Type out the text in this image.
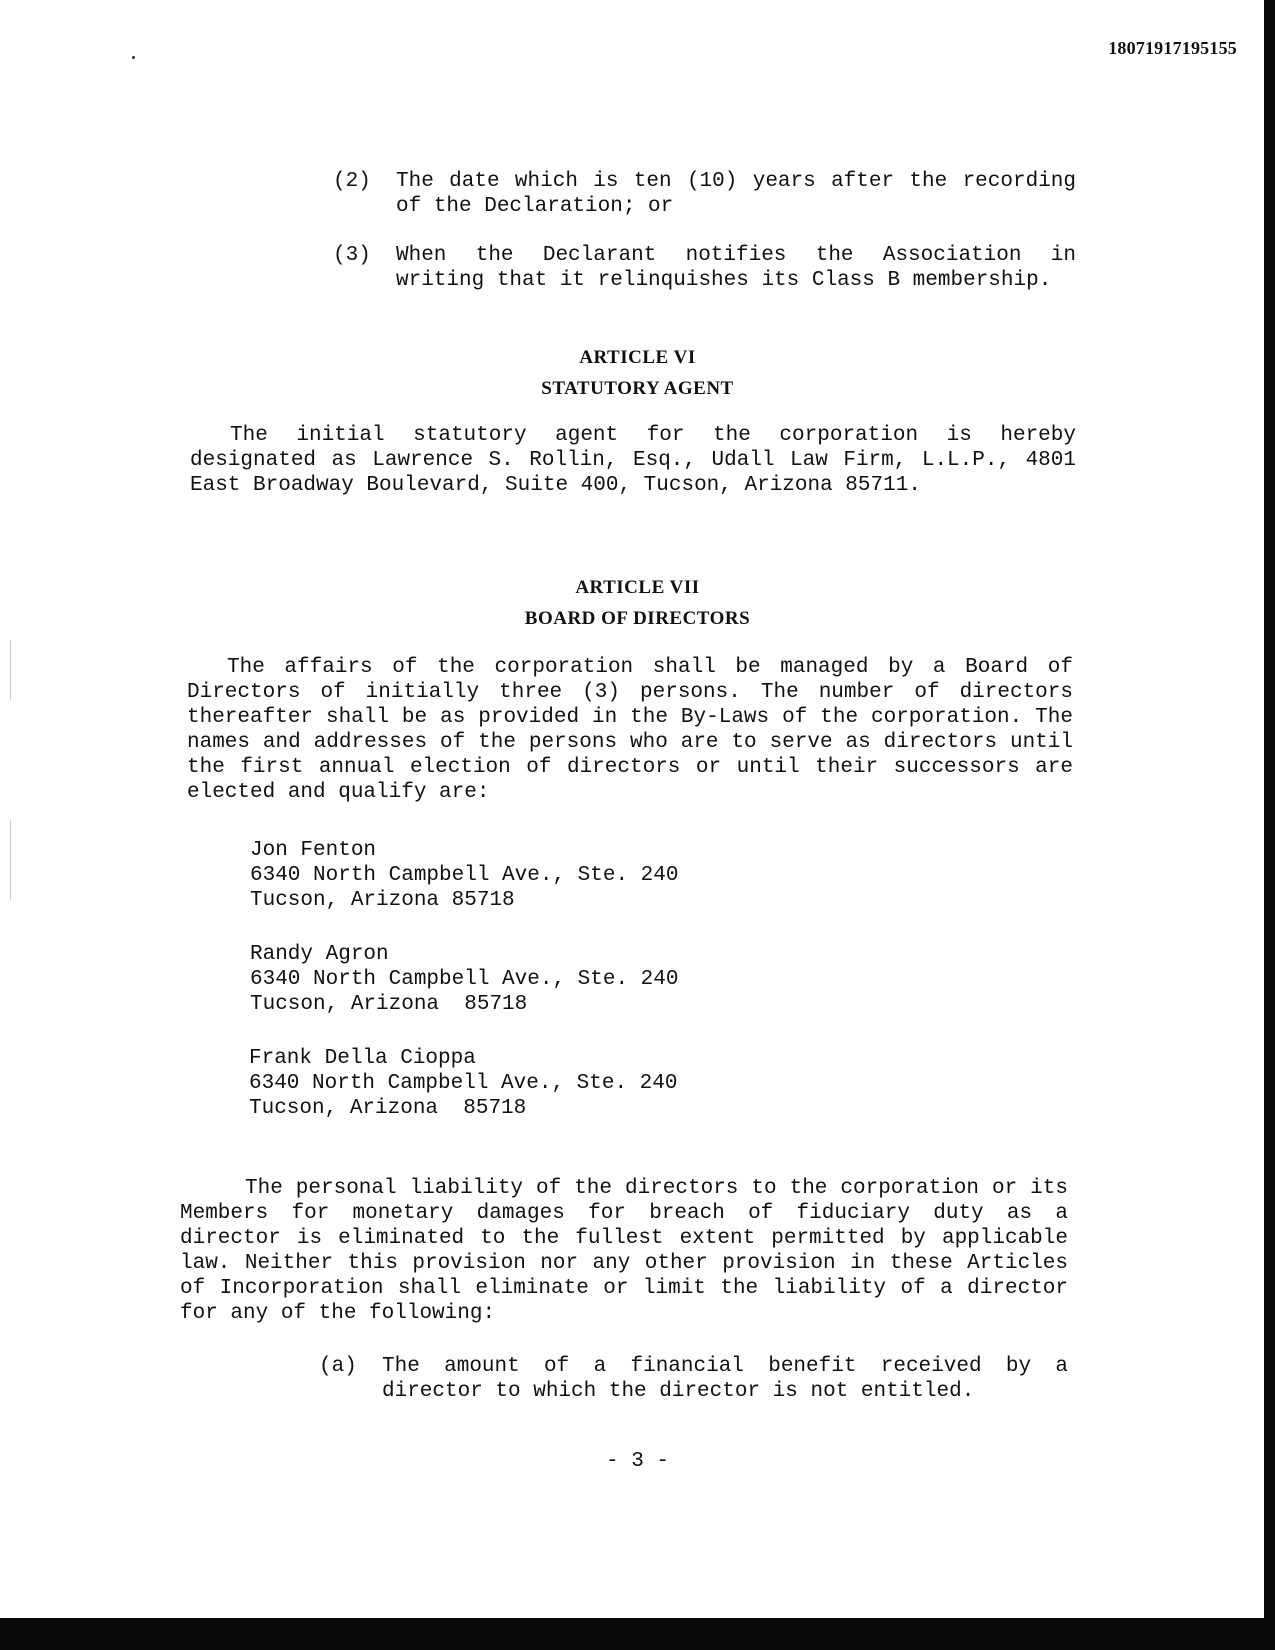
18071917195155
(2) The date which is ten (10) years after the recording of the Declaration; or
(3) When the Declarant notifies the Association in writing that it relinquishes its Class B membership.
ARTICLE VI
STATUTORY AGENT
The initial statutory agent for the corporation is hereby designated as Lawrence S. Rollin, Esq., Udall Law Firm, L.L.P., 4801 East Broadway Boulevard, Suite 400, Tucson, Arizona 85711.
ARTICLE VII
BOARD OF DIRECTORS
The affairs of the corporation shall be managed by a Board of Directors of initially three (3) persons. The number of directors thereafter shall be as provided in the By-Laws of the corporation. The names and addresses of the persons who are to serve as directors until the first annual election of directors or until their successors are elected and qualify are:
Jon Fenton
6340 North Campbell Ave., Ste. 240
Tucson, Arizona 85718
Randy Agron
6340 North Campbell Ave., Ste. 240
Tucson, Arizona  85718
Frank Della Cioppa
6340 North Campbell Ave., Ste. 240
Tucson, Arizona  85718
The personal liability of the directors to the corporation or its Members for monetary damages for breach of fiduciary duty as a director is eliminated to the fullest extent permitted by applicable law. Neither this provision nor any other provision in these Articles of Incorporation shall eliminate or limit the liability of a director for any of the following:
(a) The amount of a financial benefit received by a director to which the director is not entitled.
- 3 -
